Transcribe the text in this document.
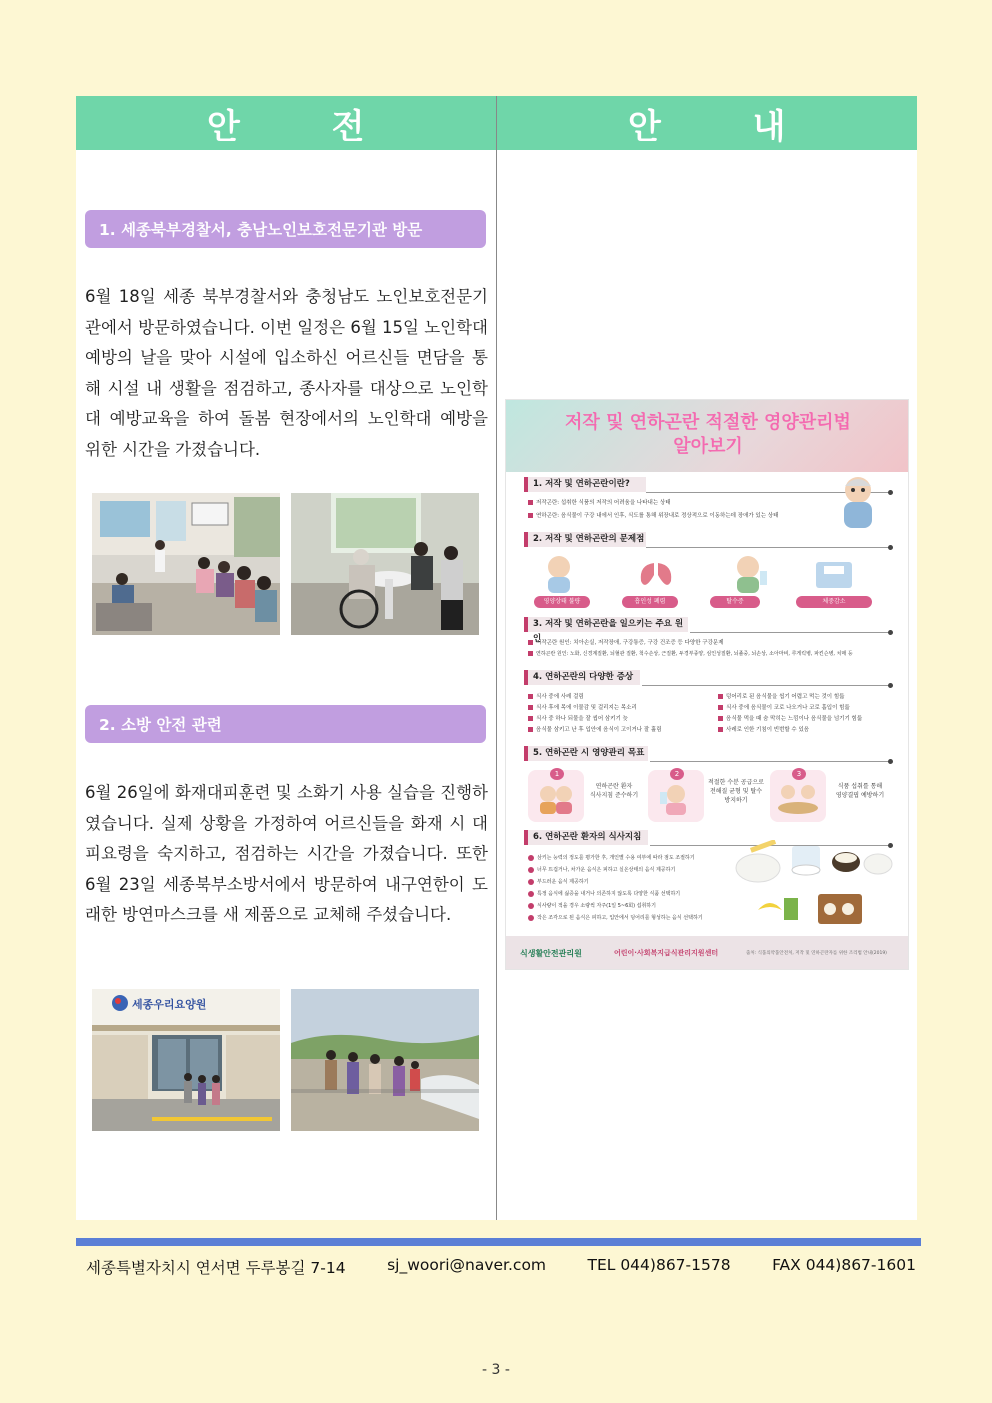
안 전	안 내
1. 세종북부경찰서, 충남노인보호전문기관 방문
6월 18일 세종 북부경찰서와 충청남도 노인보호전문기관에서 방문하였습니다. 이번 일정은 6월 15일 노인학대예방의 날을 맞아 시설에 입소하신 어르신들 면담을 통해 시설 내 생활을 점검하고, 종사자를 대상으로 노인학대 예방교육을 하여 돌봄 현장에서의 노인학대 예방을 위한 시간을 가졌습니다.
2. 소방 안전 관련
6월 26일에 화재대피훈련 및 소화기 사용 실습을 진행하였습니다. 실제 상황을 가정하여 어르신들을 화재 시 대피요령을 숙지하고, 점검하는 시간을 가졌습니다. 또한 6월 23일 세종북부소방서에서 방문하여 내구연한이 도래한 방연마스크를 새 제품으로 교체해 주셨습니다.
세종우리요양원
저작 및 연하곤란 적절한 영양관리법
알아보기
1. 저작 및 연하곤란이란?
저작곤란: 섭취한 식품의 저작의 어려움을 나타내는 상태
연하곤란: 음식물이 구강 내에서 인후, 식도를 통해 위장내로 정상적으로 이동하는데 장애가 있는 상태
2. 저작 및 연하곤란의 문제점
영양상태 불량	흡인성 폐렴	탈수증	체중감소
3. 저작 및 연하곤란을 일으키는 주요 원인
저작곤란 원인: 치아손실, 저작장애, 구강통증, 구강 건조증 등 다양한 구강문제
연하곤란 원인: 노화, 신경계질환, 뇌혈관 질환, 척수손상, 근질환, 두경부종양, 심인성질환, 뇌졸중, 뇌손상, 소아마비, 루게릭병, 파킨슨병, 치매 등
4. 연하곤란의 다양한 증상
식사 중에 사레 걸림
식사 후에 목에 이물감 및 걸리지는 목소리
식사 중 하나 되물을 잘 씹어 삼키기 늦
음식물 삼키고 난 후 입안에 음식이 고이거나 잘 흘림
덩어리로 된 음식물을 씹기 어렵고 먹는 것이 힘듦
식사 중에 음식물이 코로 나오거나 코로 흡입이 힘듦
음식물 먹을 때 숨 막히는 느낌이나 음식물을 넘기기 힘듦
사레로 인한 기침이 빈번할 수 있음
5. 연하곤란 시 영양관리 목표
1	2	3
연하곤란 환자
식사지침 준수하기
적절한 수분 공급으로
전해질 균형 및 탈수
방지하기
식품 섭취를 통해
영양결핍 예방하기
6. 연하곤란 환자의 식사지침
삼키는 능력의 정도를 평가한 후, 개인별 수용 여부에 따라 점도 조절하기
너무 뜨겁거나, 차가운 음식은 피하고 실온상태의 음식 제공하기
부드러운 음식 제공하기
특정 음식에 싫증을 내거나 의존하지 않도록 다양한 식품 선택하기
식사량이 적을 경우 소량씩 자주(1일 5~6회) 섭취하기
작은 조각으로 된 음식은 피하고, 입안에서 덩어리를 형성하는 음식 선택하기
식생활안전관리원	어린이·사회복지급식관리지원센터	출처: 식품의약품안전처, 저작 및 연하곤란자를 위한 조리법 안내(2019)
세종특별자치시 연서면 두루봉길 7-14	sj_woori@naver.com	TEL 044)867-1578	FAX 044)867-1601
- 3 -
